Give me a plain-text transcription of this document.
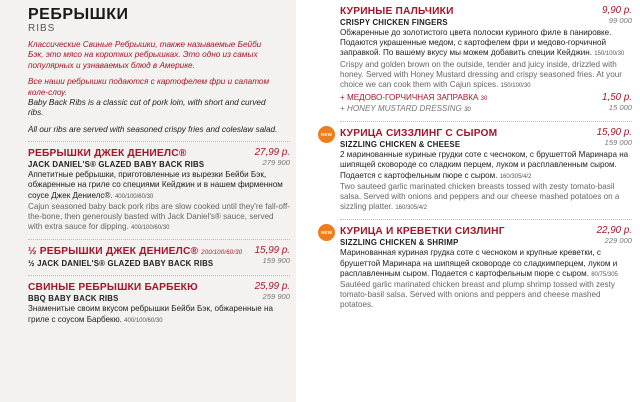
РЕБРЫШКИ
RIBS
Классические Свиные Ребрышки, также называемые Бейби Бэк, это мясо на коротких ребрышках. Это одно из самых популярных и узнаваемых блюд в Америке.
Все наши ребрышки подаются с картофелем фри и салатом коле-слоу.
Baby Back Ribs is a classic cut of pork loin, with short and curved ribs.
All our ribs are served with seasoned crispy fries and coleslaw salad.
РЕБРЫШКИ ДЖЕК ДЕНИЕЛС®
JACK DANIEL'S® GLAZED BABY BACK RIBS
27,99 р.
279 900
Аппетитные ребрышки, приготовленные из вырезки Бейби Бэк, обжаренные на гриле со специями Кейджин и в нашем фирменном соусе Джек Дениелс®. 400/100/60/30
Cajun seasoned baby back pork ribs are slow cooked until they're fall-off-the-bone, then generously basted with Jack Daniel's® sauce, served with extra sauce for dipping. 400/100/60/30
½ РЕБРЫШКИ ДЖЕК ДЕНИЕЛС® 200/100/60/30
½ JACK DANIEL'S® GLAZED BABY BACK RIBS
15,99 р.
159 900
СВИНЫЕ РЕБРЫШКИ БАРБЕКЮ
BBQ BABY BACK RIBS
25,99 р.
259 900
Знаменитые своим вкусом ребрышки Бейби Бэк, обжаренные на гриле с соусом Барбекю. 400/100/60/30
КУРИНЫЕ ПАЛЬЧИКИ
CRISPY CHICKEN FINGERS
9,90 р.
99 000
Обжаренные до золотистого цвета полоски куриного филе в панировке. Подаются украшенные медом, с картофелем фри и медово-горчичной заправкой. По вашему вкусу мы можем добавить специи Кейджин. 150/100/30
Crispy and golden brown on the outside, tender and juicy inside, drizzled with honey. Served with Honey Mustard dressing and crispy seasoned fries. At your choice we can cook them with Cajun spices. 150/100/30
+ МЕДОВО-ГОРЧИЧНАЯ ЗАПРАВКА 30
+ HONEY MUSTARD DRESSING 30
1,50 р.
15 000
NEW КУРИЦА СИЗЗЛИНГ С СЫРОМ
SIZZLING CHICKEN & CHEESE
15,90 р.
159 000
2 маринованные куриные грудки соте с чесноком, с брушеттой Маринара на шипящей сковороде со сладким перцем, луком и расплавленным сыром. Подается с картофельным пюре с сыром. 160/305/4/2
Two sauteed garlic marinated chicken breasts tossed with zesty tomato-basil salsa. Served with onions and peppers and our cheese mashed potatoes on a sizzling platter. 160/305/4/2
NEW КУРИЦА И КРЕВЕТКИ СИЗЛИНГ
SIZZLING CHICKEN & SHRIMP
22,90 р.
229 000
Маринованная куриная грудка соте с чесноком и крупные креветки, с брушеттой Маринара на шипящей сковороде со сладкимперцем, луком и расплавленным сыром. Подается с картофельным пюре с сыром. 80/75/305
Sautéed garlic marinated chicken breast and plump shrimp tossed with zesty tomato-basil salsa. Served with onions and peppers and cheese mashed potatoes.
